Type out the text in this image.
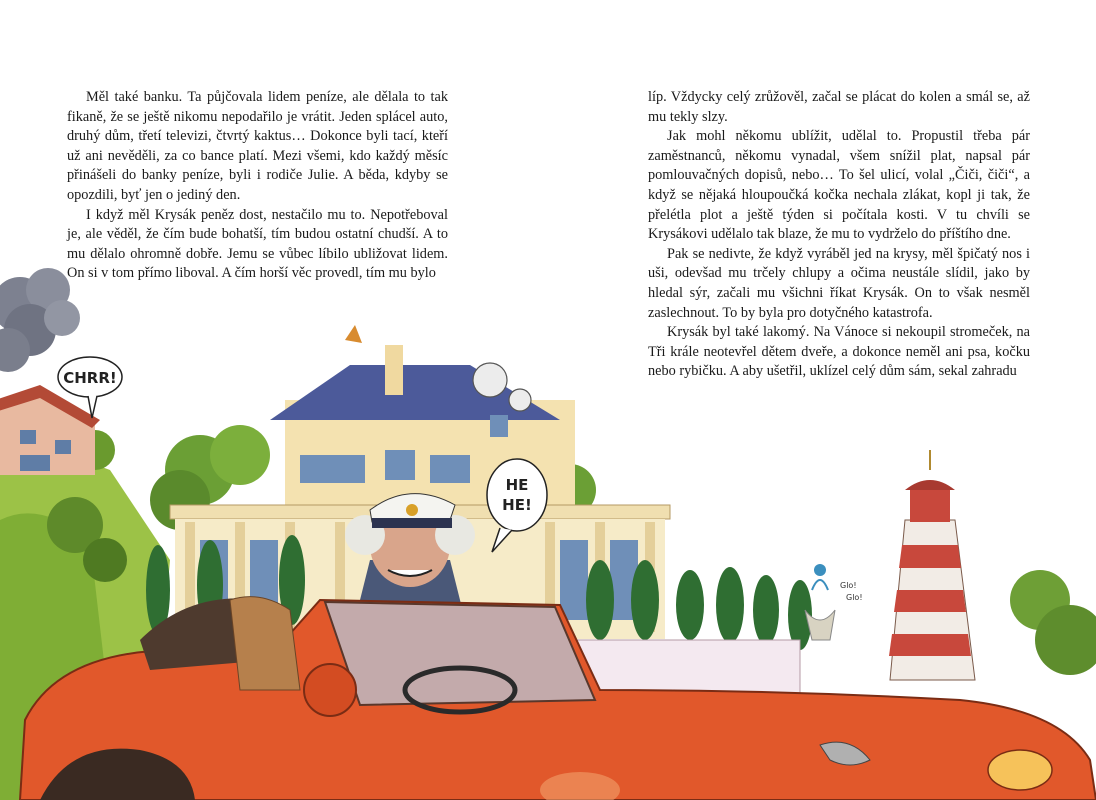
Měl také banku. Ta půjčovala lidem peníze, ale dělala to tak fikaně, že se ještě nikomu nepodařilo je vrátit. Jeden splácel auto, druhý dům, třetí televizi, čtvrtý kaktus… Dokonce byli tací, kteří už ani nevěděli, za co bance platí. Mezi všemi, kdo každý měsíc přinášeli do banky peníze, byli i rodiče Julie. A běda, kdyby se opozdili, byť jen o jediný den.

I když měl Krysák peněz dost, nestačilo mu to. Nepotřeboval je, ale věděl, že čím bude bohatší, tím budou ostatní chudší. A to mu dělalo ohromně dobře. Jemu se vůbec líbilo ubližovat lidem. On si v tom přímo liboval. A čím horší věc provedl, tím mu bylo

líp. Vždycky celý zrůžověl, začal se plácat do kolen a smál se, až mu tekly slzy.

Jak mohl někomu ublížit, udělal to. Propustil třeba pár zaměstnanců, někomu vynadal, všem snížil plat, napsal pár pomlouvačných dopisů, nebo… To šel ulicí, volal „Čiči, čiči“, a když se nějaká hloupoučká kočka nechala zlákat, kopl ji tak, že přelétla plot a ještě týden si počítala kosti. V tu chvíli se Krysákovi udělalo tak blaze, že mu to vydrželo do příštího dne.

Pak se nedivte, že když vyráběl jed na krysy, měl špičatý nos i uši, odevšad mu trčely chlupy a očima neustále slídil, jako by hledal sýr, začali mu všichni říkat Krysák. On to však nesměl zaslechnout. To by byla pro dotyčného katastrofa.

Krysák byl také lakomý. Na Vánoce si nekoupil stromeček, na Tři krále neotevřel dětem dveře, a dokonce neměl ani psa, kočku nebo rybičku. A aby ušetřil, uklízel celý dům sám, sekal zahradu

CHRR!
Glo!
Glo!
HE
HE!
